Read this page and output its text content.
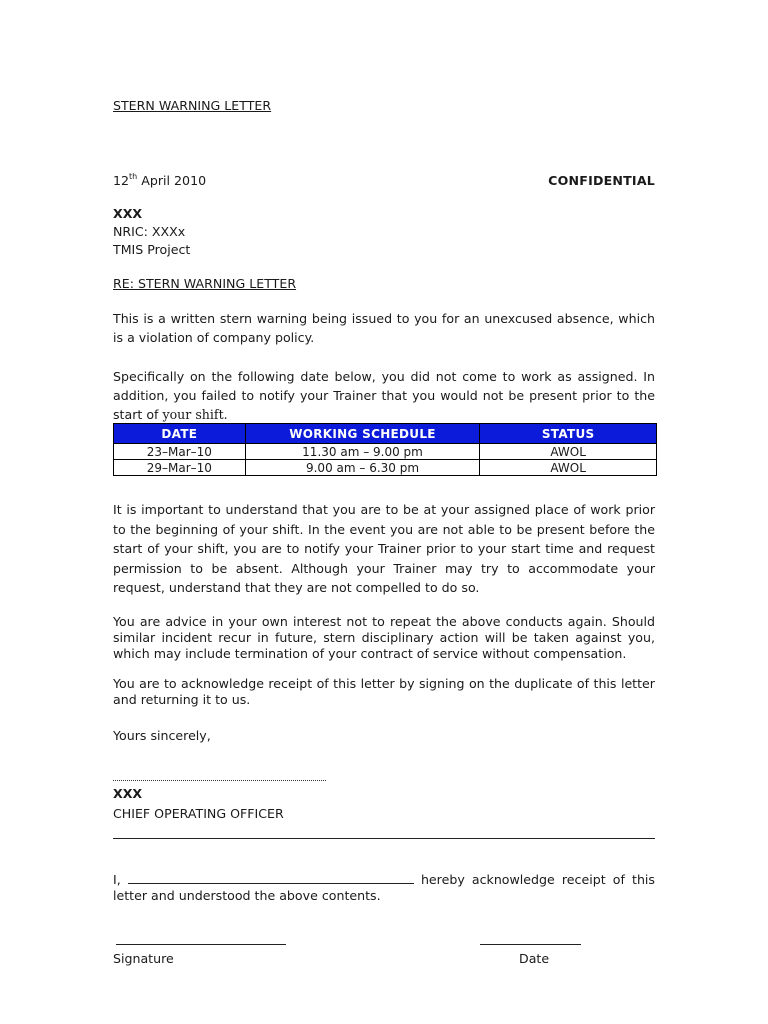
STERN WARNING LETTER
12th April 2010	CONFIDENTIAL
XXX
NRIC: XXXx
TMIS Project
RE: STERN WARNING LETTER
This is a written stern warning being issued to you for an unexcused absence, which is a violation of company policy.
Specifically on the following date below, you did not come to work as assigned. In addition, you failed to notify your Trainer that you would not be present prior to the start of your shift.
DATE	WORKING SCHEDULE	STATUS
23–Mar–10	11.30 am – 9.00 pm	AWOL
29–Mar–10	9.00 am – 6.30 pm	AWOL
It is important to understand that you are to be at your assigned place of work prior to the beginning of your shift. In the event you are not able to be present before the start of your shift, you are to notify your Trainer prior to your start time and request permission to be absent. Although your Trainer may try to accommodate your request, understand that they are not compelled to do so.
You are advice in your own interest not to repeat the above conducts again. Should similar incident recur in future, stern disciplinary action will be taken against you, which may include termination of your contract of service without compensation.
You are to acknowledge receipt of this letter by signing on the duplicate of this letter and returning it to us.
Yours sincerely,
XXX
CHIEF OPERATING OFFICER
I,	hereby acknowledge receipt of this letter and understood the above contents.
Signature	Date
